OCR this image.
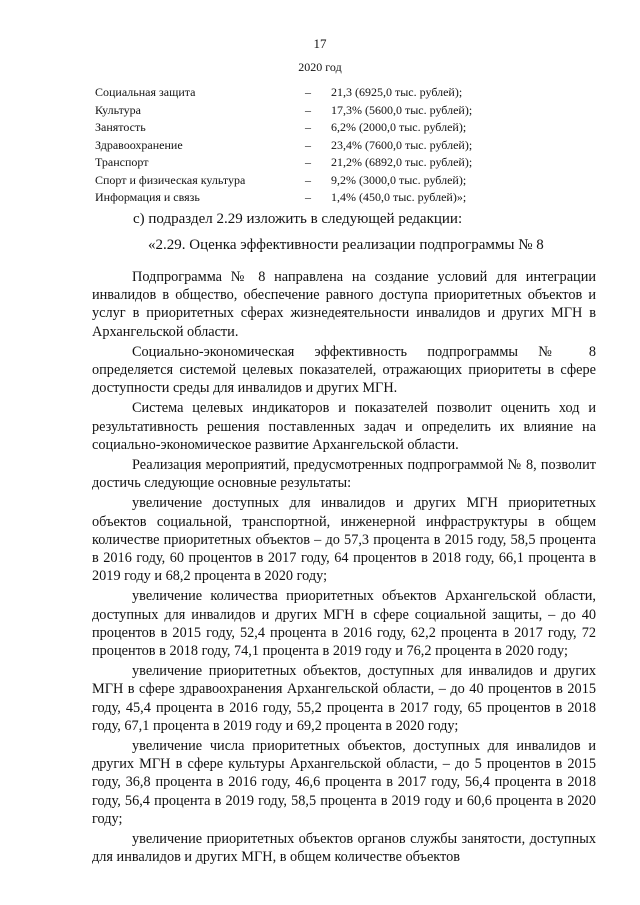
17
2020 год
Социальная защита	–	21,3 (6925,0 тыс. рублей);
Культура	–	17,3% (5600,0 тыс. рублей);
Занятость	–	6,2% (2000,0 тыс. рублей);
Здравоохранение	–	23,4% (7600,0 тыс. рублей);
Транспорт	–	21,2% (6892,0 тыс. рублей);
Спорт и физическая культура	–	9,2% (3000,0 тыс. рублей);
Информация и связь	–	1,4% (450,0 тыс. рублей)»;
с) подраздел 2.29 изложить в следующей редакции:
«2.29. Оценка эффективности реализации подпрограммы № 8

Подпрограмма № 8 направлена на создание условий для интеграции инвалидов в общество, обеспечение равного доступа приоритетных объектов и услуг в приоритетных сферах жизнедеятельности инвалидов и других МГН в Архангельской области.

Социально-экономическая эффективность подпрограммы № 8 определяется системой целевых показателей, отражающих приоритеты в сфере доступности среды для инвалидов и других МГН.

Система целевых индикаторов и показателей позволит оценить ход и результативность решения поставленных задач и определить их влияние на социально-экономическое развитие Архангельской области.

Реализация мероприятий, предусмотренных подпрограммой № 8, позволит достичь следующие основные результаты:

увеличение доступных для инвалидов и других МГН приоритетных объектов социальной, транспортной, инженерной инфраструктуры в общем количестве приоритетных объектов – до 57,3 процента в 2015 году, 58,5 процента в 2016 году, 60 процентов в 2017 году, 64 процентов в 2018 году, 66,1 процента в 2019 году и 68,2 процента в 2020 году;

увеличение количества приоритетных объектов Архангельской области, доступных для инвалидов и других МГН в сфере социальной защиты, – до 40 процентов в 2015 году, 52,4 процента в 2016 году, 62,2 процента в 2017 году, 72 процентов в 2018 году, 74,1 процента в 2019 году и 76,2 процента в 2020 году;

увеличение приоритетных объектов, доступных для инвалидов и других МГН в сфере здравоохранения Архангельской области, – до 40 процентов в 2015 году, 45,4 процента в 2016 году, 55,2 процента в 2017 году, 65 процентов в 2018 году, 67,1 процента в 2019 году и 69,2 процента в 2020 году;

увеличение числа приоритетных объектов, доступных для инвалидов и других МГН в сфере культуры Архангельской области, – до 5 процентов в 2015 году, 36,8 процента в 2016 году, 46,6 процента в 2017 году, 56,4 процента в 2018 году, 56,4 процента в 2019 году, 58,5 процента в 2019 году и 60,6 процента в 2020 году;

увеличение приоритетных объектов органов службы занятости, доступных для инвалидов и других МГН, в общем количестве объектов
